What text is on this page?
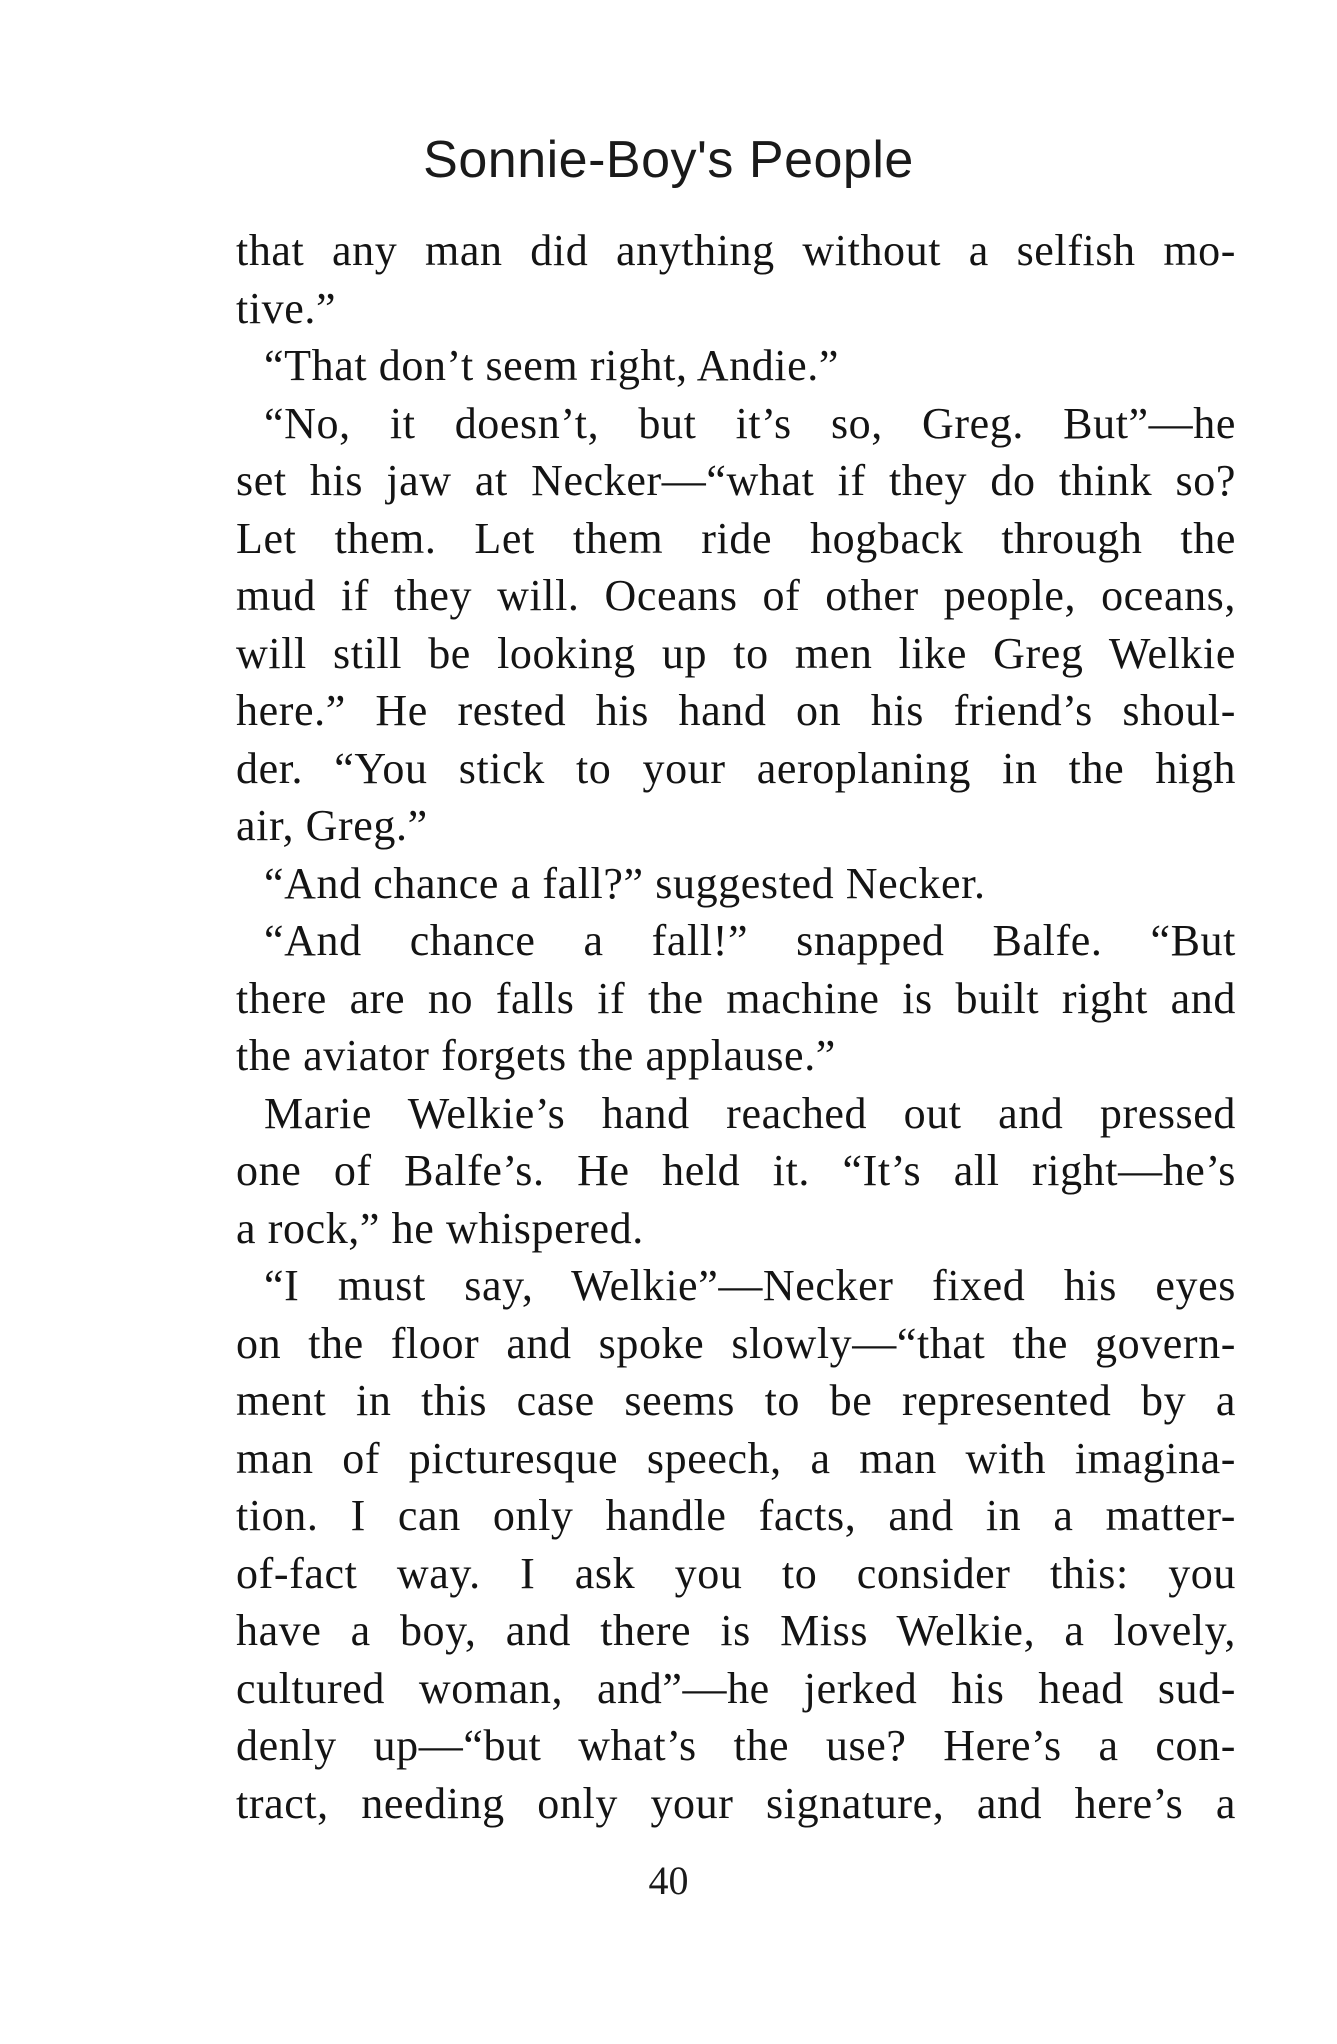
Sonnie-Boy's People
that any man did anything without a selfish mo-
tive.”
“That don’t seem right, Andie.”
“No, it doesn’t, but it’s so, Greg. But”—he
set his jaw at Necker—“what if they do think so?
Let them. Let them ride hogback through the
mud if they will. Oceans of other people, oceans,
will still be looking up to men like Greg Welkie
here.” He rested his hand on his friend’s shoul-
der. “You stick to your aeroplaning in the high
air, Greg.”
“And chance a fall?” suggested Necker.
“And chance a fall!” snapped Balfe. “But
there are no falls if the machine is built right and
the aviator forgets the applause.”
Marie Welkie’s hand reached out and pressed
one of Balfe’s. He held it. “It’s all right—he’s
a rock,” he whispered.
“I must say, Welkie”—Necker fixed his eyes
on the floor and spoke slowly—“that the govern-
ment in this case seems to be represented by a
man of picturesque speech, a man with imagina-
tion. I can only handle facts, and in a matter-
of-fact way. I ask you to consider this: you
have a boy, and there is Miss Welkie, a lovely,
cultured woman, and”—he jerked his head sud-
denly up—“but what’s the use? Here’s a con-
tract, needing only your signature, and here’s a
40
